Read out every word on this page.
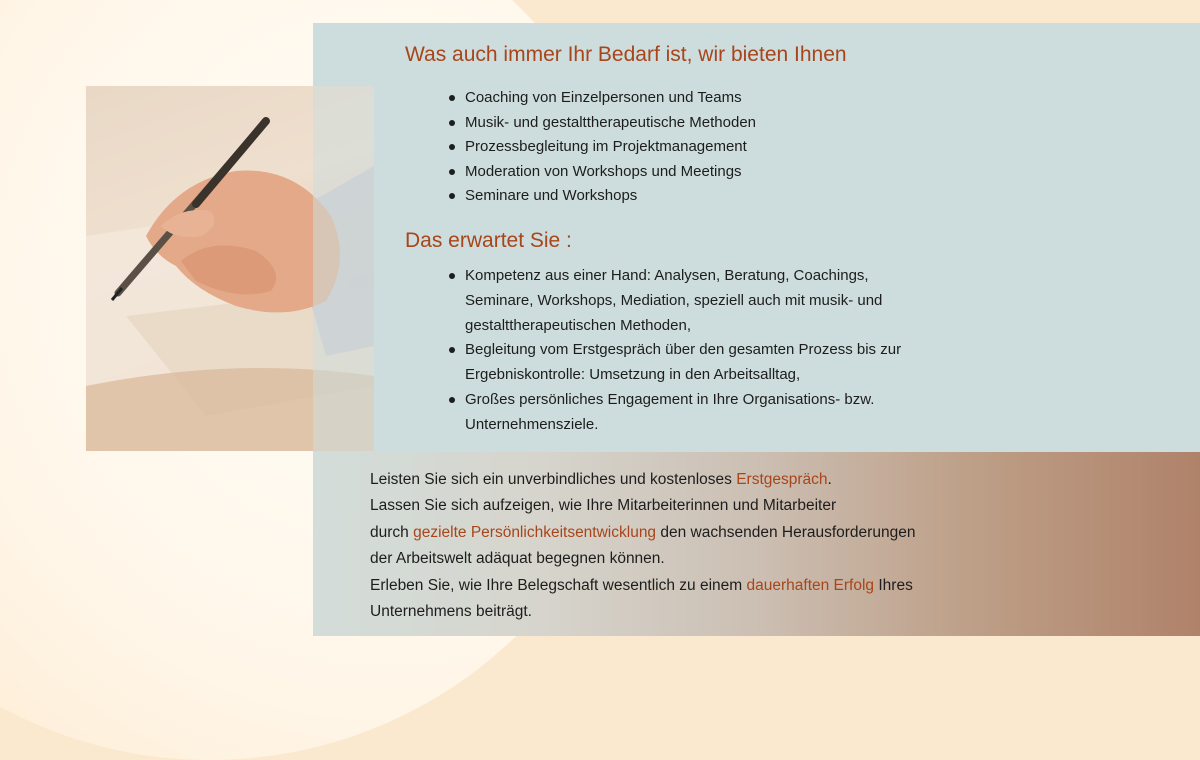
Was auch immer Ihr Bedarf ist, wir bieten Ihnen
Coaching von Einzelpersonen und Teams
Musik- und gestalttherapeutische Methoden
Prozessbegleitung im Projektmanagement
Moderation von Workshops und Meetings
Seminare und Workshops
Das erwartet Sie :
Kompetenz aus einer Hand: Analysen, Beratung, Coachings,
Seminare, Workshops, Mediation, speziell auch mit musik- und
gestalttherapeutischen Methoden,
Begleitung vom Erstgespräch über den gesamten Prozess bis zur
Ergebniskontrolle: Umsetzung in den Arbeitsalltag,
Großes persönliches Engagement in Ihre Organisations- bzw.
Unternehmensziele.
Leisten Sie sich ein unverbindliches und kostenloses Erstgespräch.
Lassen Sie sich aufzeigen, wie Ihre Mitarbeiterinnen und Mitarbeiter
durch gezielte Persönlichkeitsentwicklung den wachsenden Herausforderungen
der Arbeitswelt adäquat begegnen können.
Erleben Sie, wie Ihre Belegschaft wesentlich zu einem dauerhaften Erfolg Ihres
Unternehmens beiträgt.
